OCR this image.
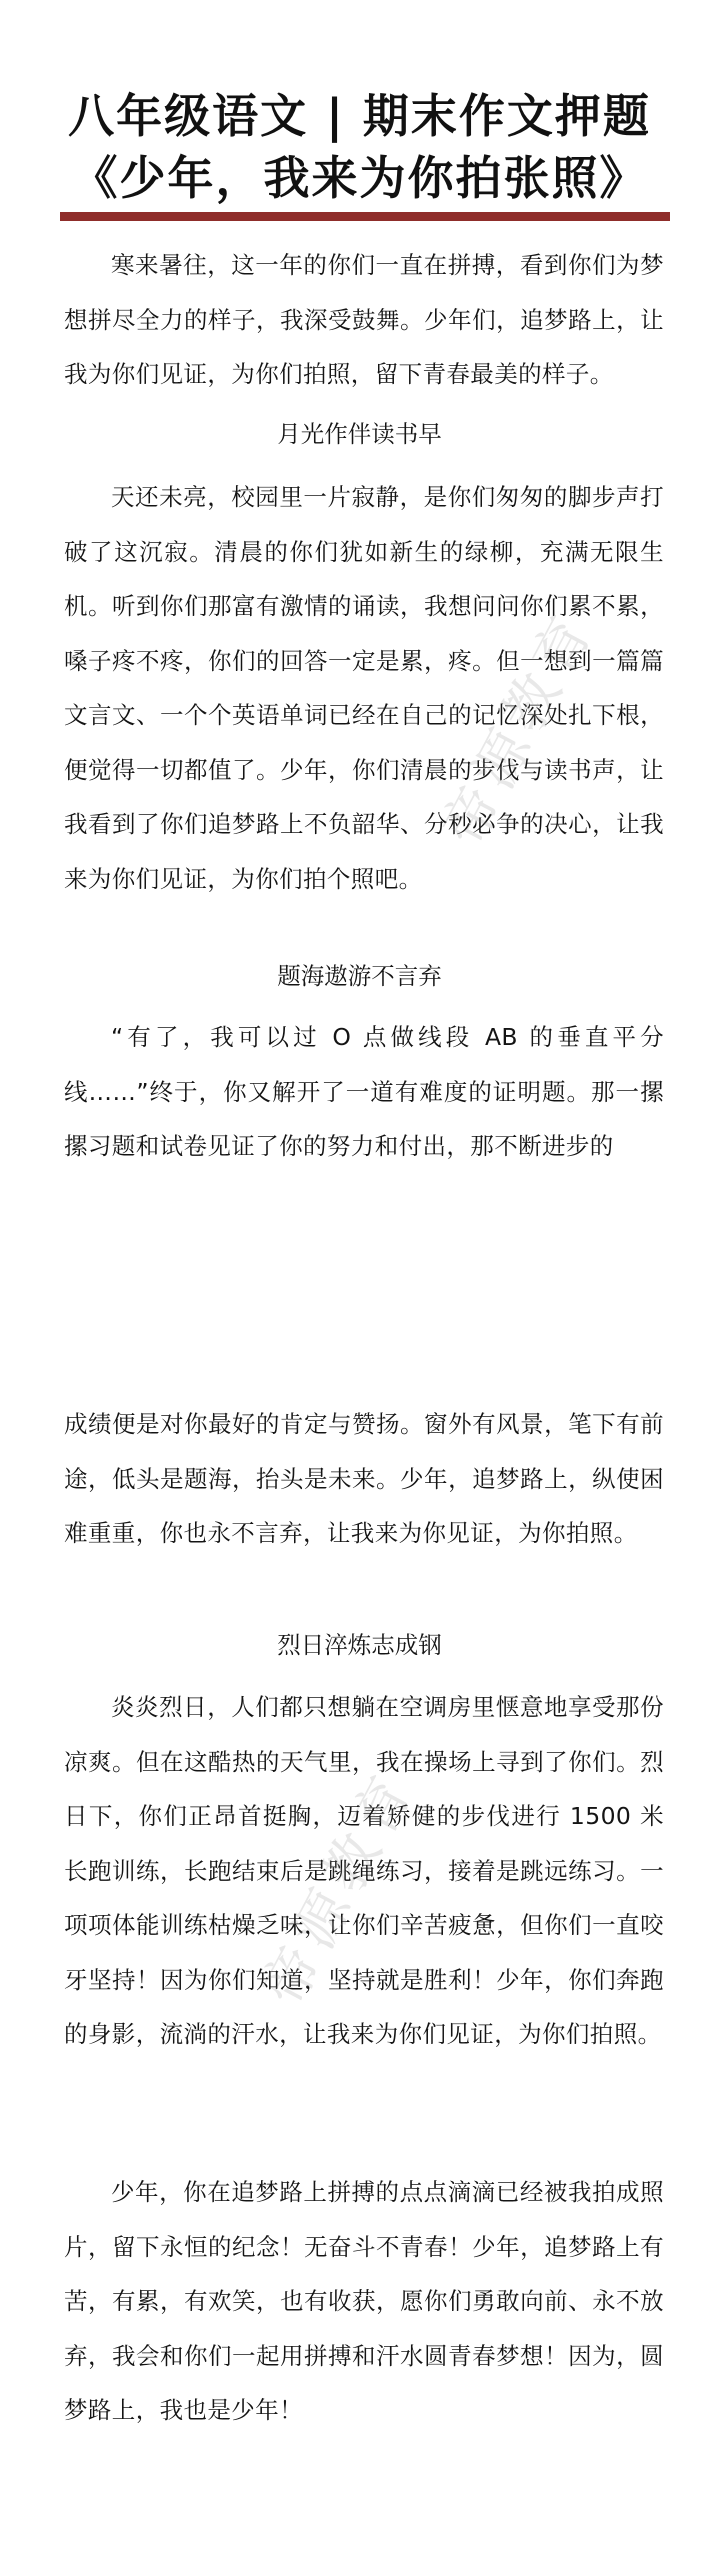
八年级语文 | 期末作文押题
《少年，我来为你拍张照》
寒来暑往，这一年的你们一直在拼搏，看到你们为梦想拼尽全力的样子，我深受鼓舞。少年们，追梦路上，让我为你们见证，为你们拍照，留下青春最美的样子。
月光作伴读书早
天还未亮，校园里一片寂静，是你们匆匆的脚步声打破了这沉寂。清晨的你们犹如新生的绿柳，充满无限生机。听到你们那富有激情的诵读，我想问问你们累不累，嗓子疼不疼，你们的回答一定是累，疼。但一想到一篇篇文言文、一个个英语单词已经在自己的记忆深处扎下根，便觉得一切都值了。少年，你们清晨的步伐与读书声，让我看到了你们追梦路上不负韶华、分秒必争的决心，让我来为你们见证，为你们拍个照吧。
题海遨游不言弃
“有了，我可以过 O 点做线段 AB 的垂直平分线……”终于，你又解开了一道有难度的证明题。那一摞摞习题和试卷见证了你的努力和付出，那不断进步的
成绩便是对你最好的肯定与赞扬。窗外有风景，笔下有前途，低头是题海，抬头是未来。少年，追梦路上，纵使困难重重，你也永不言弃，让我来为你见证，为你拍照。
烈日淬炼志成钢
炎炎烈日，人们都只想躺在空调房里惬意地享受那份凉爽。但在这酷热的天气里，我在操场上寻到了你们。烈日下，你们正昂首挺胸，迈着矫健的步伐进行 1500 米长跑训练，长跑结束后是跳绳练习，接着是跳远练习。一项项体能训练枯燥乏味，让你们辛苦疲惫，但你们一直咬牙坚持！因为你们知道，坚持就是胜利！少年，你们奔跑的身影，流淌的汗水，让我来为你们见证，为你们拍照。
少年，你在追梦路上拼搏的点点滴滴已经被我拍成照片，留下永恒的纪念！无奋斗不青春！少年，追梦路上有苦，有累，有欢笑，也有收获，愿你们勇敢向前、永不放弃，我会和你们一起用拼搏和汗水圆青春梦想！因为，圆梦路上，我也是少年！
帝源教育
帝源教育
